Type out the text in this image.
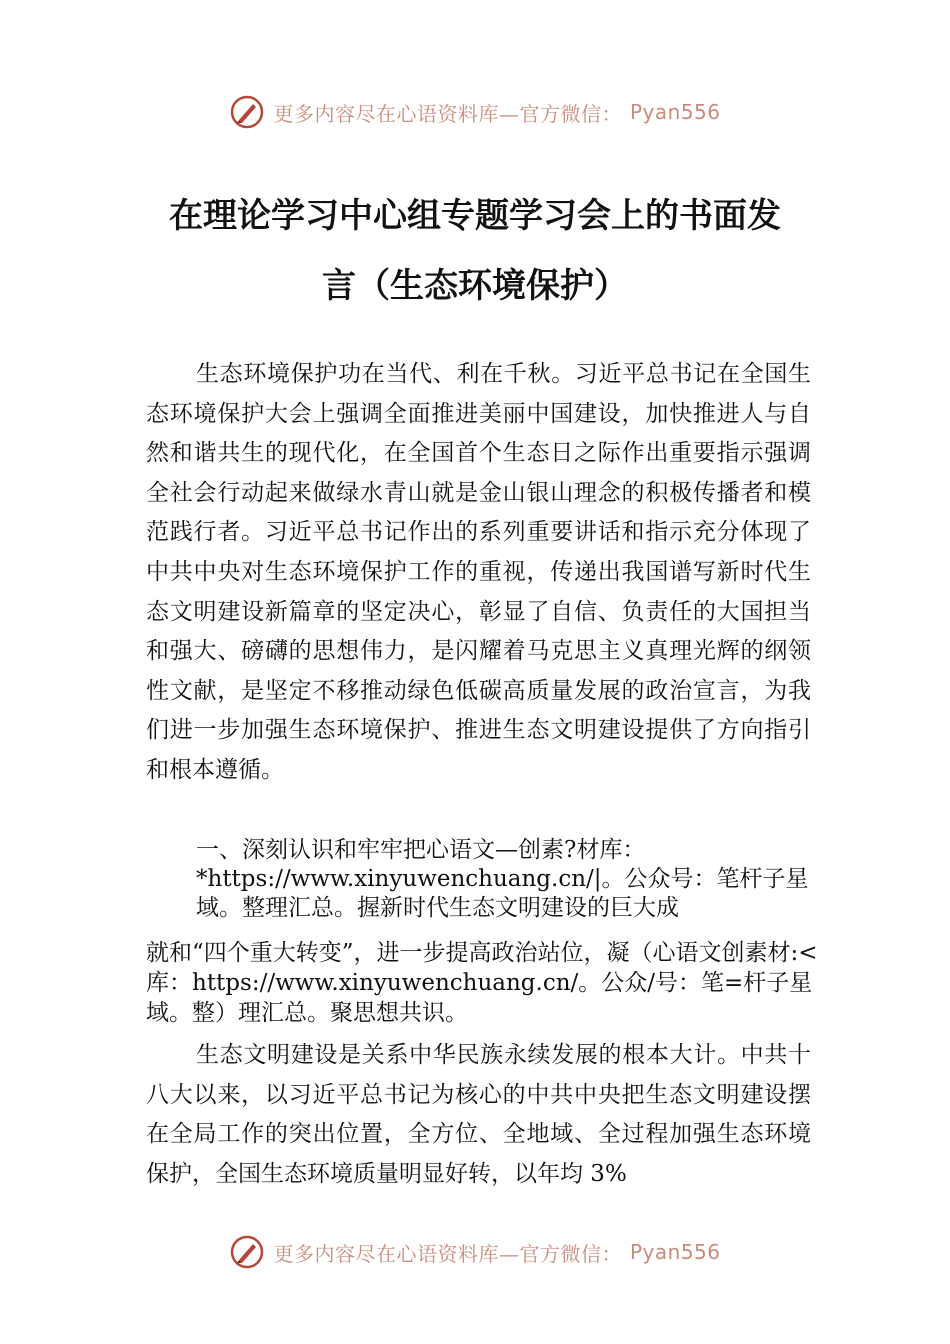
更多内容尽在心语资料库—官方微信： Pyan556
在理论学习中心组专题学习会上的书面发
言（生态环境保护）

生态环境保护功在当代、利在千秋。习近平总书记在全国生态环境保护大会上强调全面推进美丽中国建设，加快推进人与自然和谐共生的现代化，在全国首个生态日之际作出重要指示强调全社会行动起来做绿水青山就是金山银山理念的积极传播者和模范践行者。习近平总书记作出的系列重要讲话和指示充分体现了中共中央对生态环境保护工作的重视，传递出我国谱写新时代生态文明建设新篇章的坚定决心，彰显了自信、负责任的大国担当和强大、磅礴的思想伟力，是闪耀着马克思主义真理光辉的纲领性文献，是坚定不移推动绿色低碳高质量发展的政治宣言，为我们进一步加强生态环境保护、推进生态文明建设提供了方向指引和根本遵循。

一、深刻认识和牢牢把心语文—创素?材库：*https://www.xinyuwenchuang.cn/|。公众号：笔杆子星域。整理汇总。握新时代生态文明建设的巨大成

就和“四个重大转变”，进一步提高政治站位，凝（心语文创素材:<库：https://www.xinyuwenchuang.cn/。公众/号：笔=杆子星域。整）理汇总。聚思想共识。

生态文明建设是关系中华民族永续发展的根本大计。中共十八大以来，以习近平总书记为核心的中共中央把生态文明建设摆在全局工作的突出位置，全方位、全地域、全过程加强生态环境保护，全国生态环境质量明显好转，以年均 3%

更多内容尽在心语资料库—官方微信： Pyan556
